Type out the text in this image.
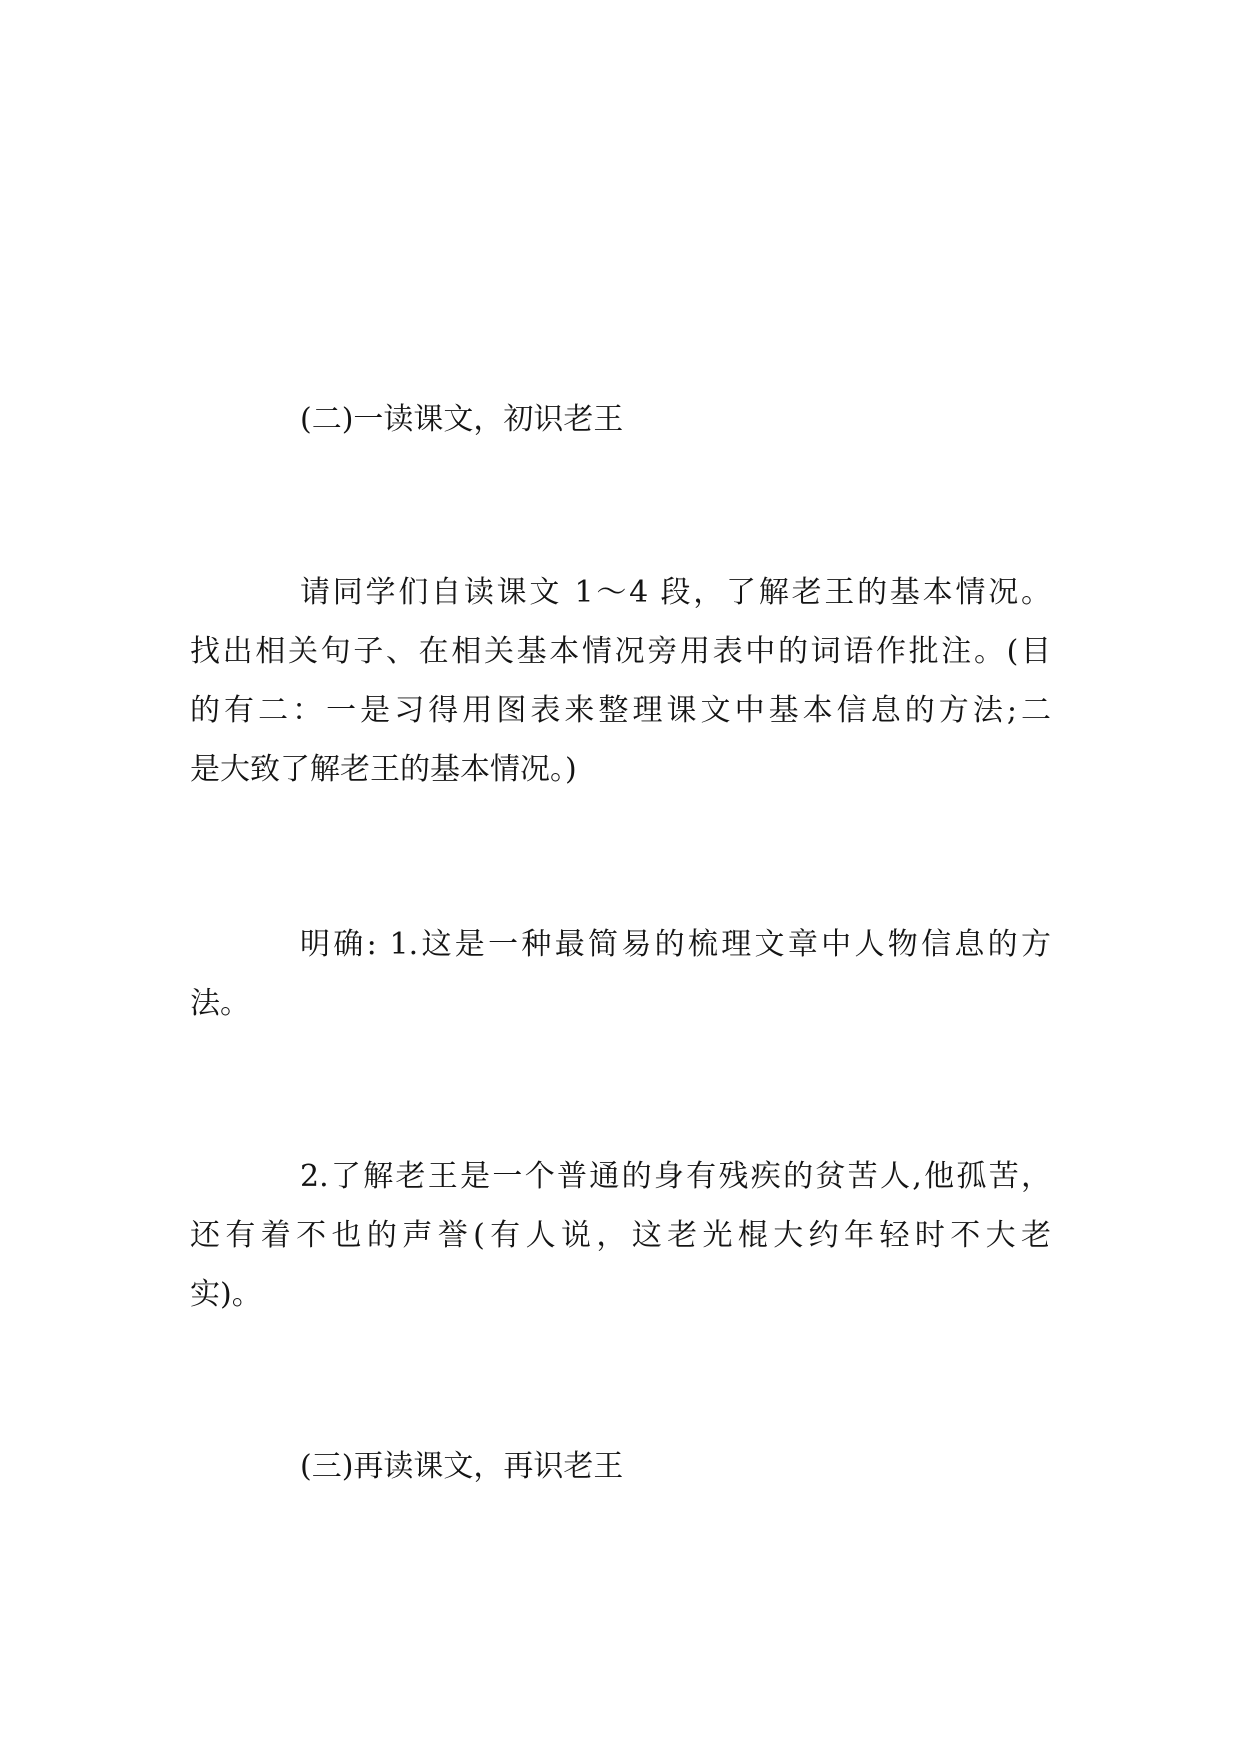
(二)一读课文，初识老王
请同学们自读课文 1～4 段，了解老王的基本情况。
找出相关句子、在相关基本情况旁用表中的词语作批注。(目
的有二：一是习得用图表来整理课文中基本信息的方法;二
是大致了解老王的基本情况。)
明确: 1.这是一种最简易的梳理文章中人物信息的方
法。
2.了解老王是一个普通的身有残疾的贫苦人,他孤苦，
还有着不也的声誉(有人说，这老光棍大约年轻时不大老
实)。
(三)再读课文，再识老王
